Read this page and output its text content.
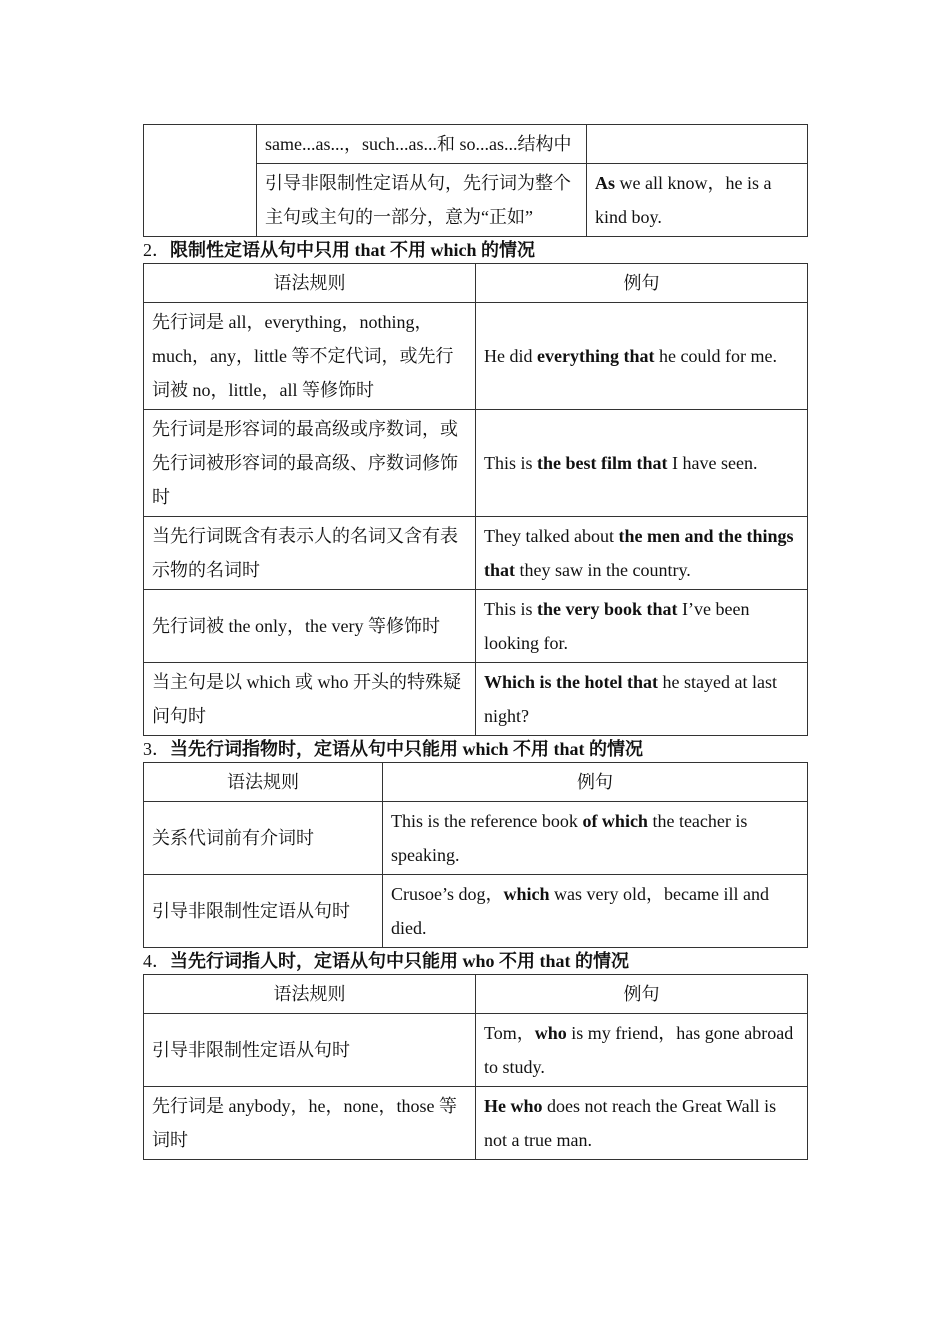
	same...as...，such...as...和 so...as...结构中	
	引导非限制性定语从句，先行词为整个主句或主句的一部分，意为“正如”	As we all know，he is a kind boy.

2．限制性定语从句中只用 that 不用 which 的情况

语法规则	例句
先行词是 all，everything，nothing，much，any，little 等不定代词，或先行词被 no，little，all 等修饰时	He did everything that he could for me.
先行词是形容词的最高级或序数词，或先行词被形容词的最高级、序数词修饰时	This is the best film that I have seen.
当先行词既含有表示人的名词又含有表示物的名词时	They talked about the men and the things that they saw in the country.
先行词被 the only，the very 等修饰时	This is the very book that I’ve been looking for.
当主句是以 which 或 who 开头的特殊疑问句时	Which is the hotel that he stayed at last night?

3．当先行词指物时，定语从句中只能用 which 不用 that 的情况

语法规则	例句
关系代词前有介词时	This is the reference book of which the teacher is speaking.
引导非限制性定语从句时	Crusoe’s dog，which was very old，became ill and died.

4．当先行词指人时，定语从句中只能用 who 不用 that 的情况

语法规则	例句
引导非限制性定语从句时	Tom，who is my friend，has gone abroad to study.
先行词是 anybody，he，none，those 等词时	He who does not reach the Great Wall is not a true man.
